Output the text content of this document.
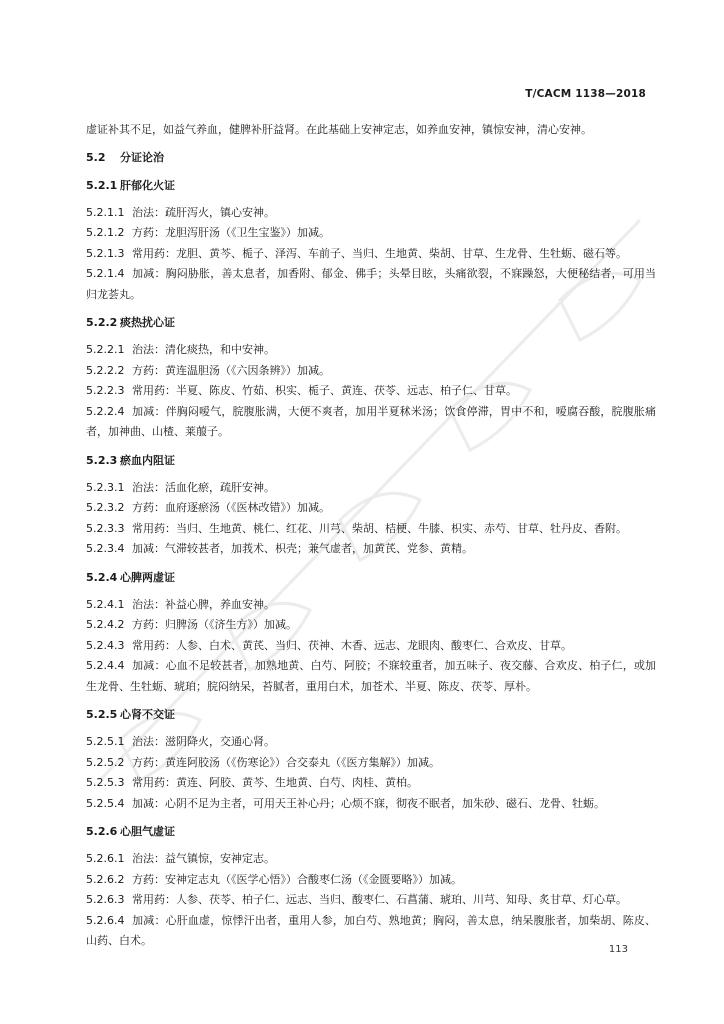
T/CACM 1138—2018
虚证补其不足，如益气养血，健脾补肝益肾。在此基础上安神定志，如养血安神，镇惊安神，清心安神。
5.2 分证论治
5.2.1 肝郁化火证
5.2.1.1 治法：疏肝泻火，镇心安神。
5.2.1.2 方药：龙胆泻肝汤（《卫生宝鉴》）加减。
5.2.1.3 常用药：龙胆、黄芩、栀子、泽泻、车前子、当归、生地黄、柴胡、甘草、生龙骨、生牡蛎、磁石等。
5.2.1.4 加减：胸闷胁胀，善太息者，加香附、郁金、佛手；头晕目眩，头痛欲裂，不寐躁怒，大便秘结者，可用当归龙荟丸。
5.2.2 痰热扰心证
5.2.2.1 治法：清化痰热，和中安神。
5.2.2.2 方药：黄连温胆汤（《六因条辨》）加减。
5.2.2.3 常用药：半夏、陈皮、竹茹、枳实、栀子、黄连、茯苓、远志、柏子仁、甘草。
5.2.2.4 加减：伴胸闷嗳气，脘腹胀满，大便不爽者，加用半夏秫米汤；饮食停滞，胃中不和，嗳腐吞酸，脘腹胀痛者，加神曲、山楂、莱菔子。
5.2.3 瘀血内阻证
5.2.3.1 治法：活血化瘀，疏肝安神。
5.2.3.2 方药：血府逐瘀汤（《医林改错》）加减。
5.2.3.3 常用药：当归、生地黄、桃仁、红花、川芎、柴胡、桔梗、牛膝、枳实、赤芍、甘草、牡丹皮、香附。
5.2.3.4 加减：气滞较甚者，加莪术、枳壳；兼气虚者，加黄芪、党参、黄精。
5.2.4 心脾两虚证
5.2.4.1 治法：补益心脾，养血安神。
5.2.4.2 方药：归脾汤（《济生方》）加减。
5.2.4.3 常用药：人参、白术、黄芪、当归、茯神、木香、远志、龙眼肉、酸枣仁、合欢皮、甘草。
5.2.4.4 加减：心血不足较甚者，加熟地黄、白芍、阿胶；不寐较重者，加五味子、夜交藤、合欢皮、柏子仁，或加生龙骨、生牡蛎、琥珀；脘闷纳呆，苔腻者，重用白术，加苍术、半夏、陈皮、茯苓、厚朴。
5.2.5 心肾不交证
5.2.5.1 治法：滋阴降火，交通心肾。
5.2.5.2 方药：黄连阿胶汤（《伤寒论》）合交泰丸（《医方集解》）加减。
5.2.5.3 常用药：黄连、阿胶、黄芩、生地黄、白芍、肉桂、黄柏。
5.2.5.4 加减：心阴不足为主者，可用天王补心丹；心烦不寐，彻夜不眠者，加朱砂、磁石、龙骨、牡蛎。
5.2.6 心胆气虚证
5.2.6.1 治法：益气镇惊，安神定志。
5.2.6.2 方药：安神定志丸（《医学心悟》）合酸枣仁汤（《金匮要略》）加减。
5.2.6.3 常用药：人参、茯苓、柏子仁、远志、当归、酸枣仁、石菖蒲、琥珀、川芎、知母、炙甘草、灯心草。
5.2.6.4 加减：心肝血虚，惊悸汗出者，重用人参，加白芍、熟地黄；胸闷，善太息，纳呆腹胀者，加柴胡、陈皮、山药、白术。
113
